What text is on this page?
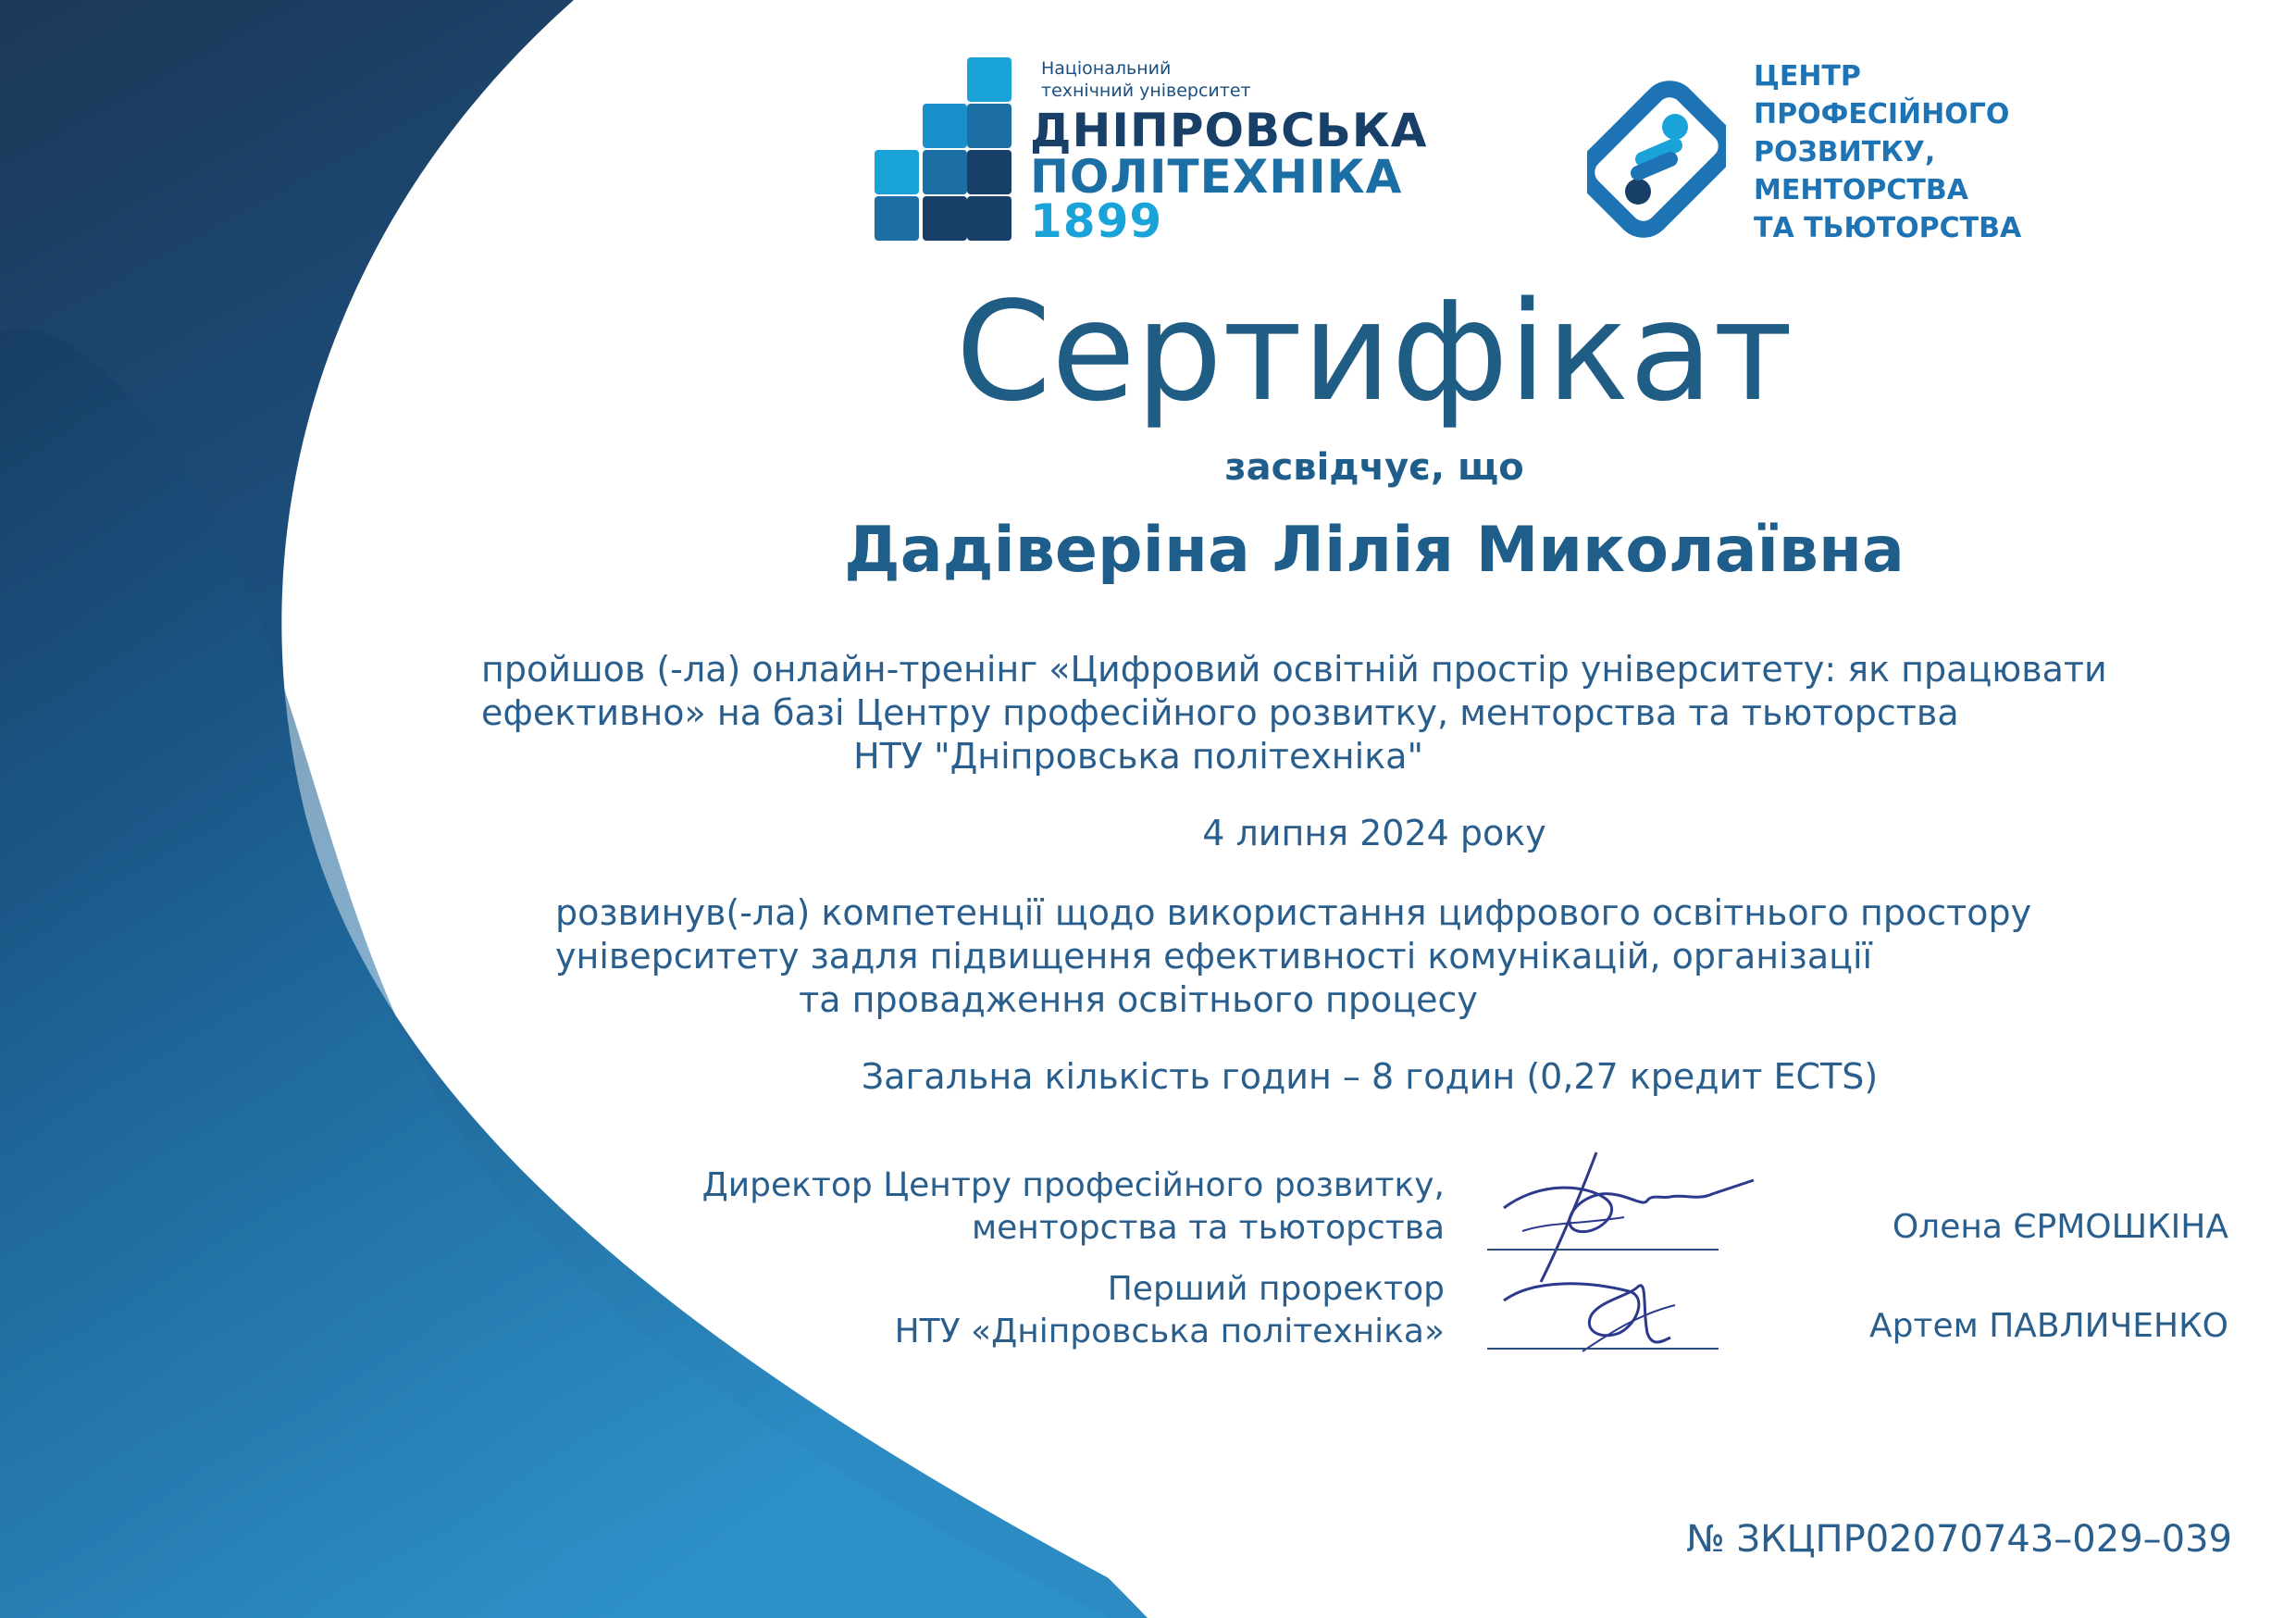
Національний
технічний університет
ДНІПРОВСЬКА
ПОЛІТЕХНІКА
1899
ЦЕНТР
ПРОФЕСІЙНОГО
РОЗВИТКУ,
МЕНТОРСТВА
ТА ТЬЮТОРСТВА
Сертифікат
засвідчує, що
Дадіверіна Лілія Миколаївна
пройшов (-ла) онлайн-тренінг «Цифровий освітній простір університету: як працювати
ефективно» на базі Центру професійного розвитку, менторства та тьюторства
НТУ "Дніпровська політехніка"
4 липня 2024 року
розвинув(-ла) компетенції щодо використання цифрового освітнього простору
університету задля підвищення ефективності комунікацій, організації
та провадження освітнього процесу
Загальна кількість годин – 8 годин (0,27 кредит ECTS)
Директор Центру професійного розвитку,
менторства та тьюторства	Олена ЄРМОШКІНА
Перший проректор
НТУ «Дніпровська політехніка»	Артем ПАВЛИЧЕНКО
№ ЗКЦПР02070743–029–039
